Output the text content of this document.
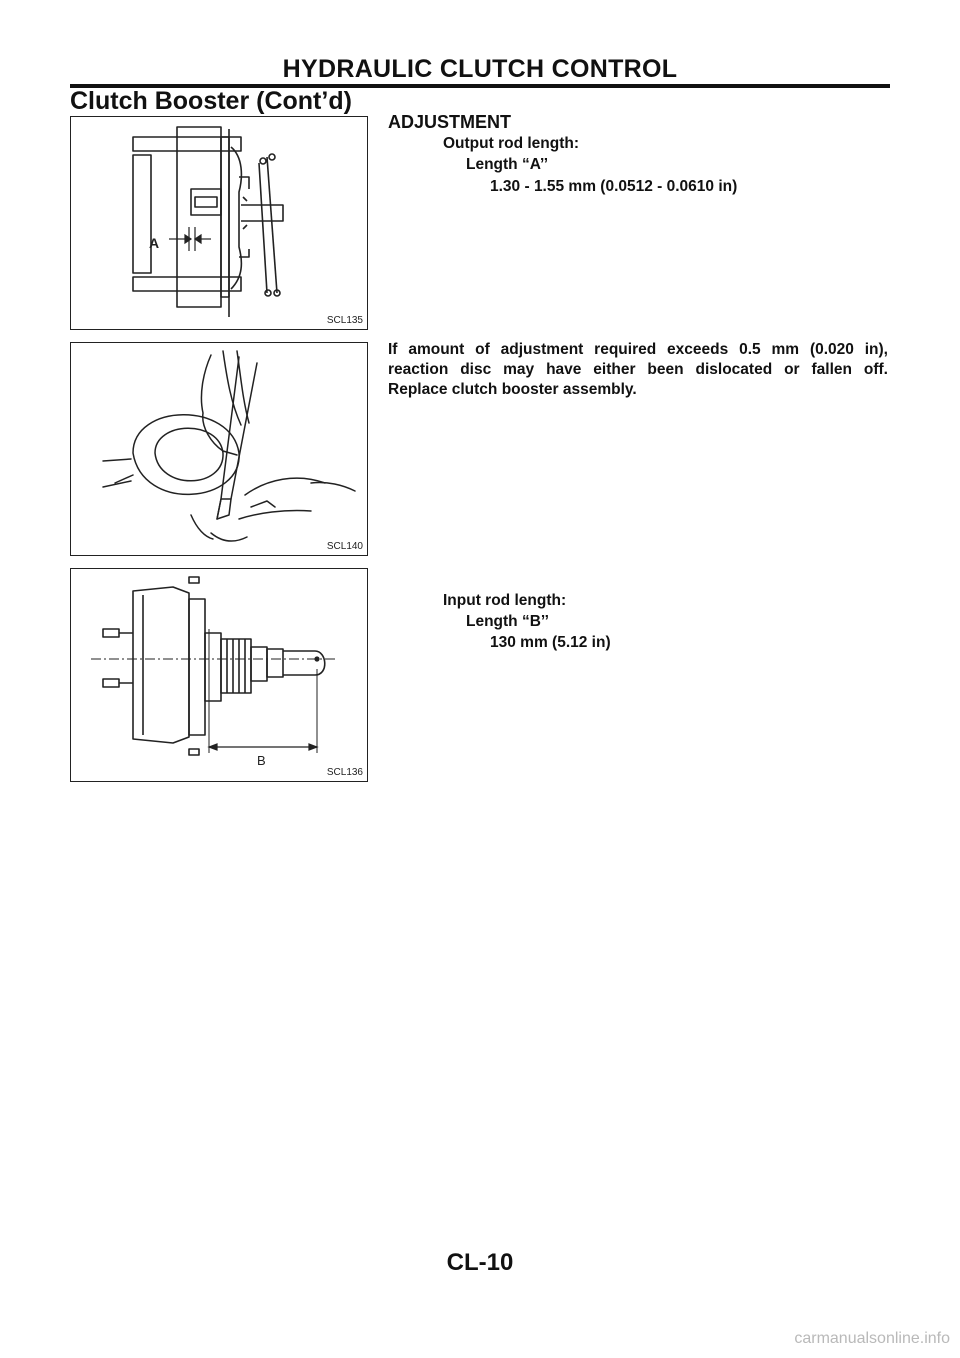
HYDRAULIC CLUTCH CONTROL
Clutch Booster (Cont’d)
A
SCL135
ADJUSTMENT
Output rod length:
Length “A’’
1.30 - 1.55 mm (0.0512 - 0.0610 in)
SCL140
If amount of adjustment required exceeds 0.5 mm (0.020 in),
reaction disc may have either been dislocated or fallen off.
Replace clutch booster assembly.
B
SCL136
Input rod length:
Length “B’’
130 mm (5.12 in)
CL-10
carmanualsonline.info
